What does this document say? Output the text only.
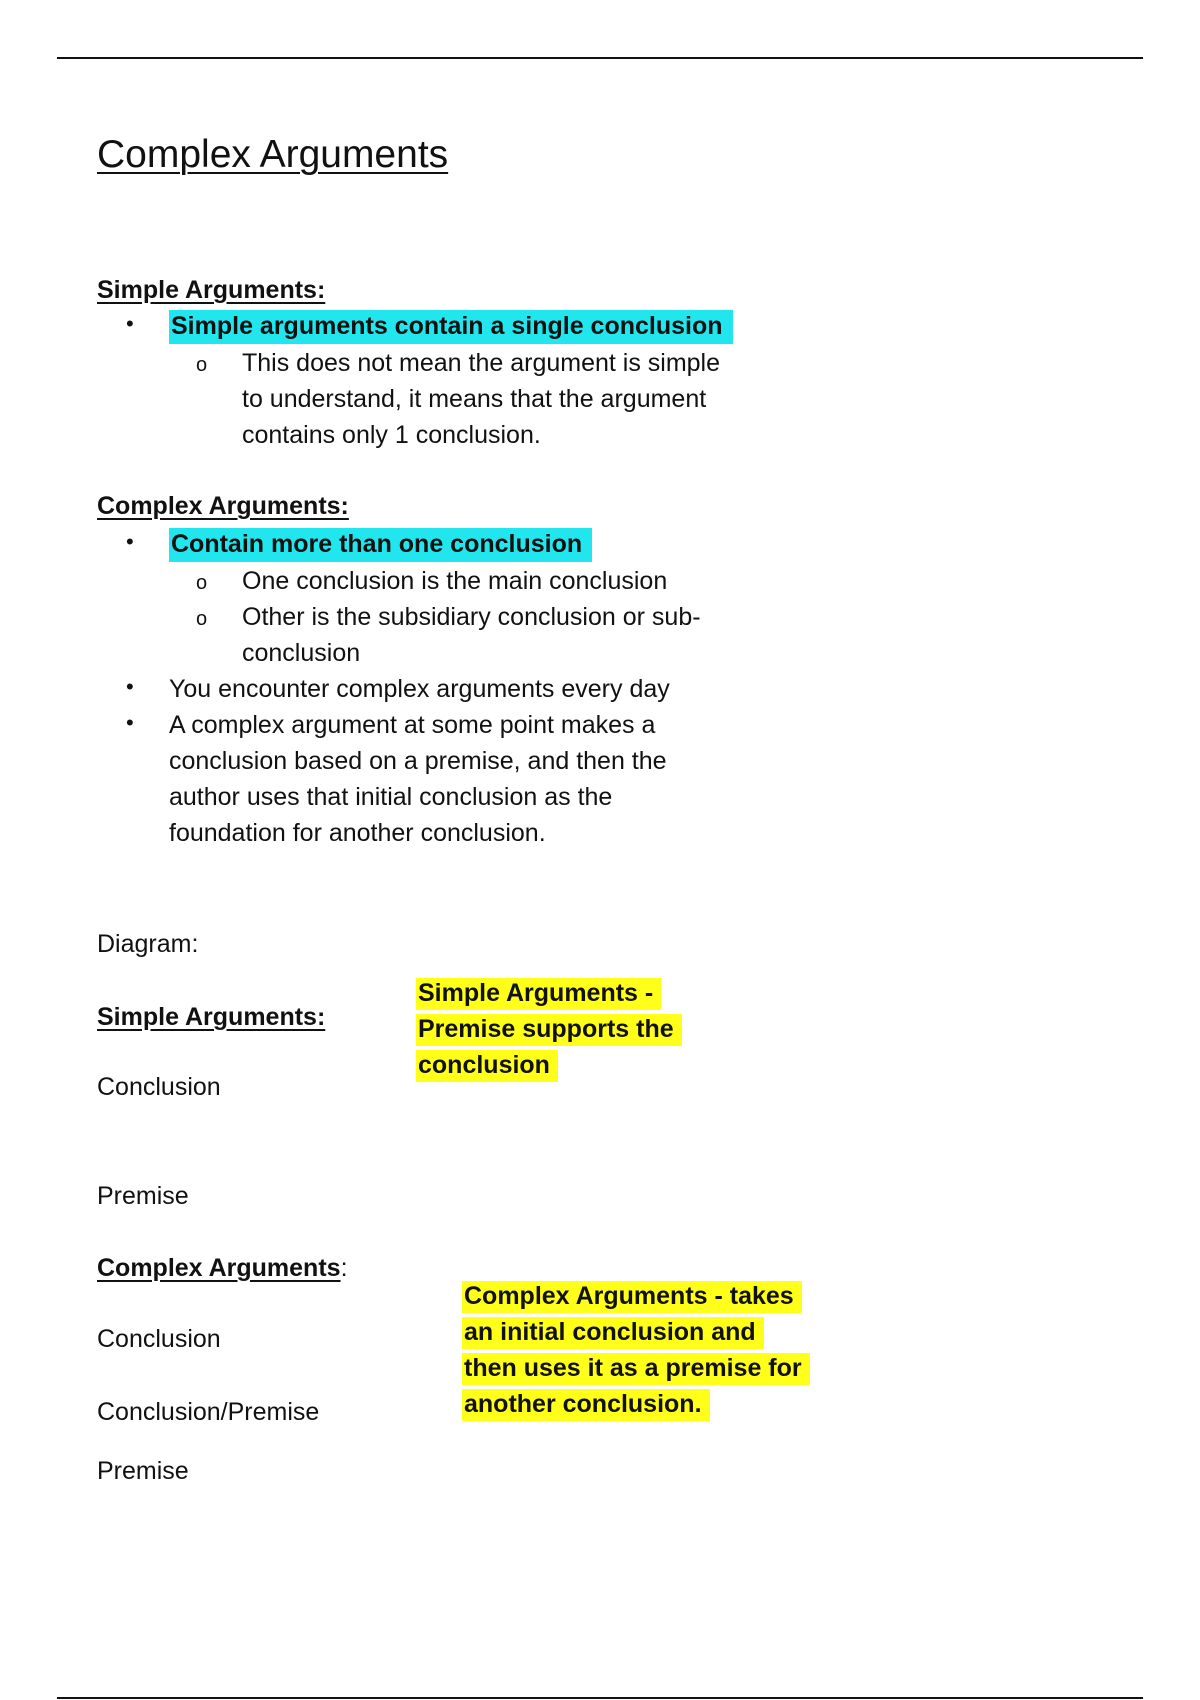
Complex Arguments

Simple Arguments:

• Simple arguments contain a single conclusion

o This does not mean the argument is simple

to understand, it means that the argument

contains only 1 conclusion.

Complex Arguments:

• Contain more than one conclusion

o One conclusion is the main conclusion

o Other is the subsidiary conclusion or sub-

conclusion

• You encounter complex arguments every day

• A complex argument at some point makes a

conclusion based on a premise, and then the

author uses that initial conclusion as the

foundation for another conclusion.

Diagram:

Simple Arguments:

Simple Arguments -
Premise supports the
conclusion

Conclusion

Premise

Complex Arguments:

Complex Arguments - takes
an initial conclusion and
then uses it as a premise for
another conclusion.

Conclusion

Conclusion/Premise

Premise
